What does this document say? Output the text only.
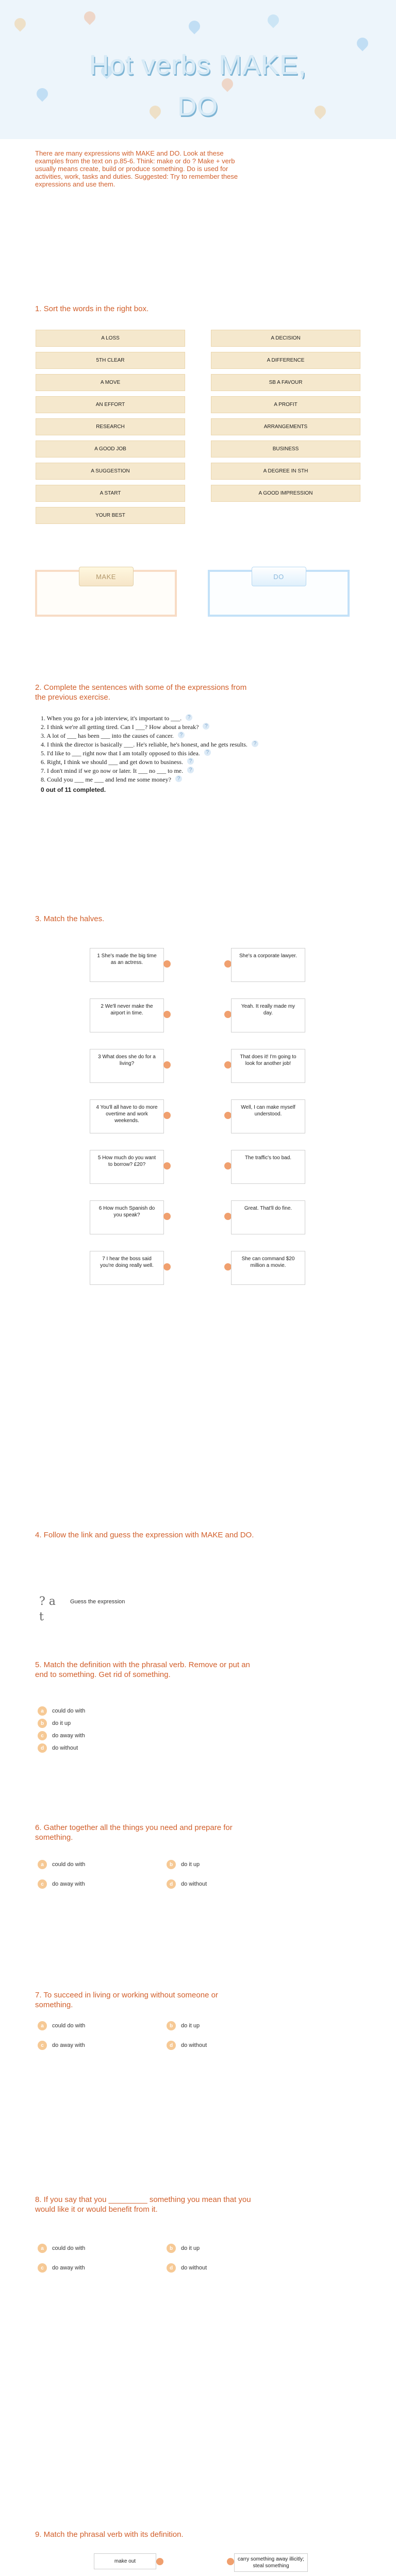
Hot verbs MAKE,
DO
There are many expressions with MAKE and DO. Look at these examples from the text on p.85-6. Think: make or do ? Make + verb usually means create, build or produce something. Do is used for activities, work, tasks and duties. Suggested: Try to remember these expressions and use them.
1. Sort the words in the right box.
A LOSS	A DECISION
5TH CLEAR	A DIFFERENCE
A MOVE	SB A FAVOUR
AN EFFORT	A PROFIT
RESEARCH	ARRANGEMENTS
A GOOD JOB	BUSINESS
A SUGGESTION	A DEGREE IN STH
A START	A GOOD IMPRESSION
YOUR BEST
MAKE	DO
2. Complete the sentences with some of the expressions from the previous exercise.
1. When you go for a job interview, it's important to ___.	?
2. I think we're all getting tired. Can I ___? How about a break?	?
3. A lot of ___ has been ___ into the causes of cancer.	?
4. I think the director is basically ___. He's reliable, he's honest, and he gets results.	?
5. I'd like to ___ right now that I am totally opposed to this idea.	?
6. Right, I think we should ___ and get down to business.	?
7. I don't mind if we go now or later. It ___ no ___ to me.	?
8. Could you ___ me ___ and lend me some money?	?
0 out of 11 completed.
3. Match the halves.
1 She's made the big time as an actress.
She's a corporate lawyer.
2 We'll never make the airport in time.
Yeah. It really made my day.
3 What does she do for a living?
That does it! I'm going to look for another job!
4 You'll all have to do more overtime and work weekends.
Well, I can make myself understood.
5 How much do you want to borrow? £20?
The traffic's too bad.
6 How much Spanish do you speak?
Great. That'll do fine.
7 I hear the boss said you're doing really well.
She can command $20 million a movie.
4. Follow the link and guess the expression with MAKE and DO.
? a t
Guess the expression
5. Match the definition with the phrasal verb. Remove or put an end to something. Get rid of something.
a	could do with
b	do it up
c	do away with
d	do without
6. Gather together all the things you need and prepare for something.
a	could do with	b	do it up
c	do away with	d	do without
7. To succeed in living or working without someone or something.
a	could do with	b	do it up
c	do away with	d	do without
8. If you say that you _________ something you mean that you would like it or would benefit from it.
a	could do with	b	do it up
c	do away with	d	do without
9. Match the phrasal verb with its definition.
make out	carry something away illicitly; steal something
